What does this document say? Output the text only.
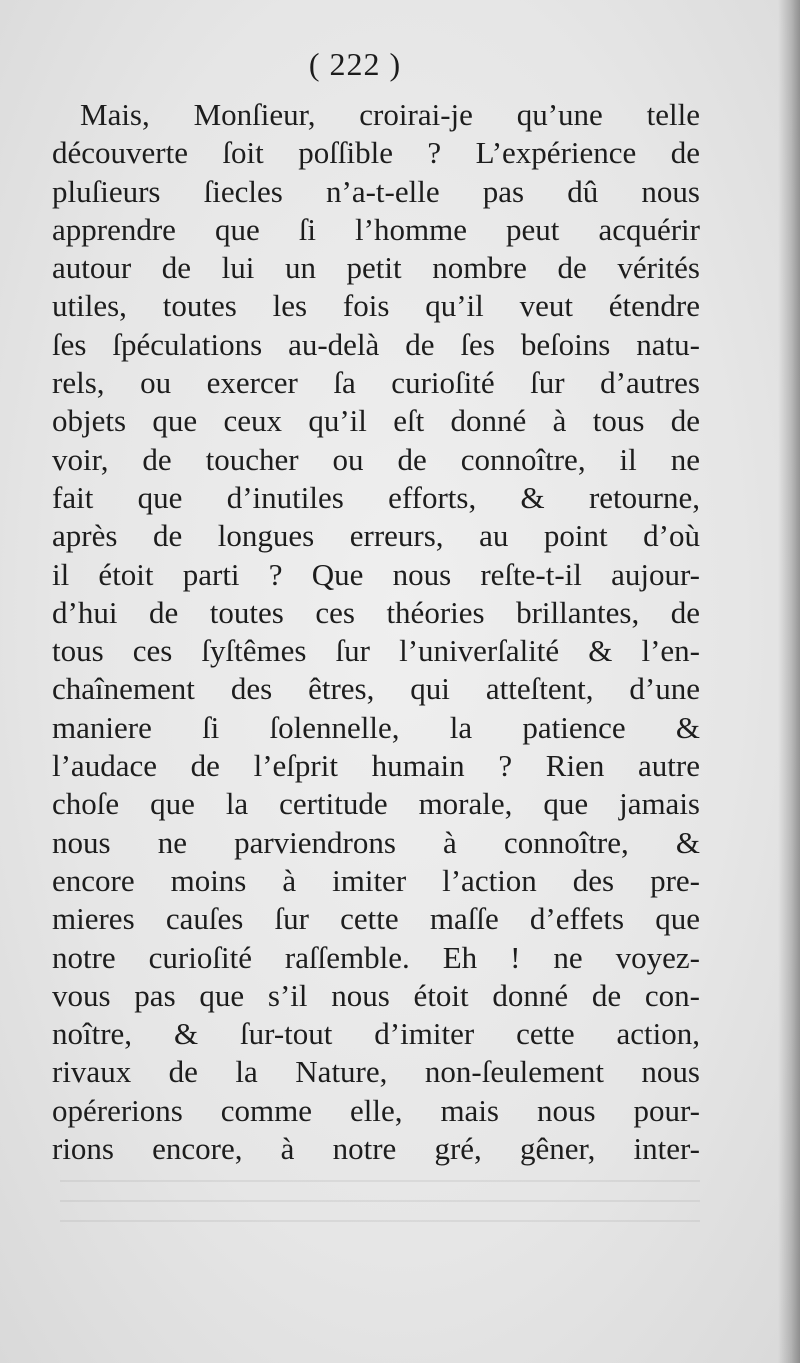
( 222 )
Mais, Monſieur, croirai-je qu’une telle
découverte ſoit poſſible ? L’expérience de
pluſieurs ſiecles n’a-t-elle pas dû nous
apprendre que ſi l’homme peut acquérir
autour de lui un petit nombre de vérités
utiles, toutes les fois qu’il veut étendre
ſes ſpéculations au-delà de ſes beſoins natu-
rels, ou exercer ſa curioſité ſur d’autres
objets que ceux qu’il eſt donné à tous de
voir, de toucher ou de connoître, il ne
fait que d’inutiles efforts, & retourne,
après de longues erreurs, au point d’où
il étoit parti ? Que nous reſte-t-il aujour-
d’hui de toutes ces théories brillantes, de
tous ces ſyſtêmes ſur l’univerſalité & l’en-
chaînement des êtres, qui atteſtent, d’une
maniere ſi ſolennelle, la patience &
l’audace de l’eſprit humain ? Rien autre
choſe que la certitude morale, que jamais
nous ne parviendrons à connoître, &
encore moins à imiter l’action des pre-
mieres cauſes ſur cette maſſe d’effets que
notre curioſité raſſemble. Eh ! ne voyez-
vous pas que s’il nous étoit donné de con-
noître, & ſur-tout d’imiter cette action,
rivaux de la Nature, non-ſeulement nous
opérerions comme elle, mais nous pour-
rions encore, à notre gré, gêner, inter-
